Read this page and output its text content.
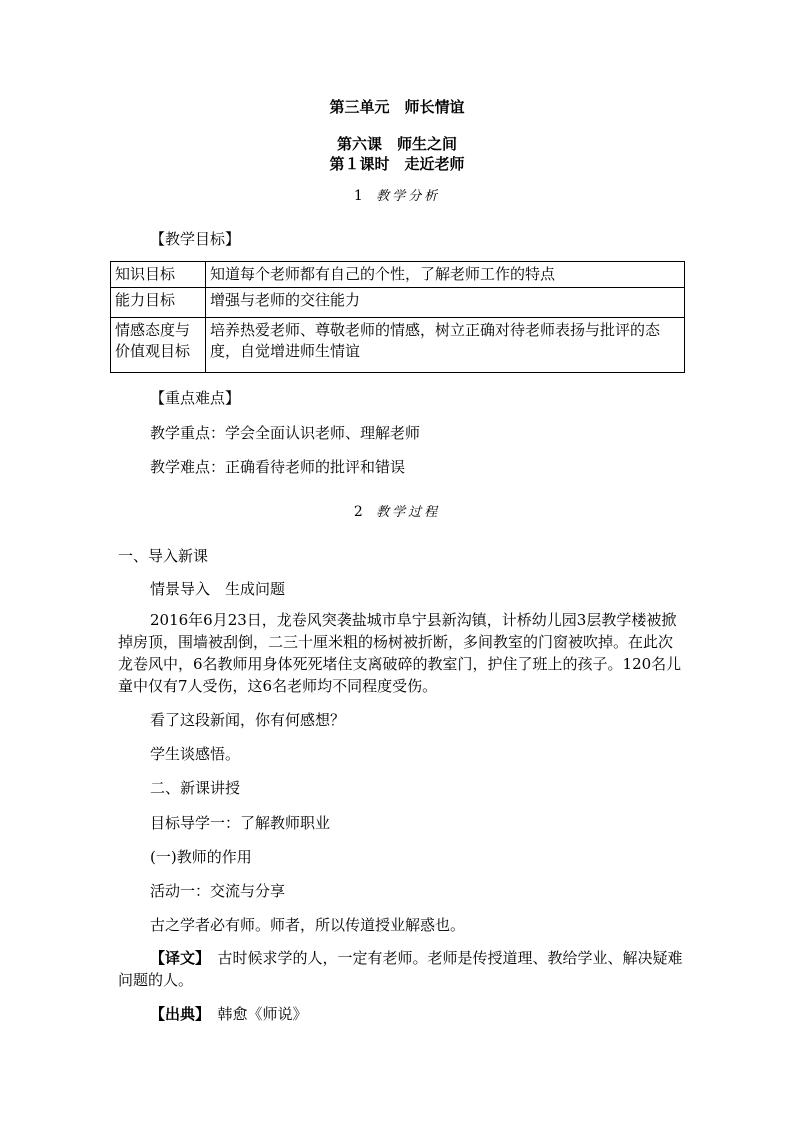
第三单元　师长情谊
第六课　师生之间
第１课时　走近老师
1 教学分析
【教学目标】
知识目标	知道每个老师都有自己的个性，了解老师工作的特点
能力目标	增强与老师的交往能力
情感态度与价值观目标	培养热爱老师、尊敬老师的情感，树立正确对待老师表扬与批评的态度，自觉增进师生情谊
【重点难点】
教学重点：学会全面认识老师、理解老师
教学难点：正确看待老师的批评和错误
2 教学过程
一、导入新课
情景导入　生成问题
2016年6月23日，龙卷风突袭盐城市阜宁县新沟镇，计桥幼儿园3层教学楼被掀掉房顶，围墙被刮倒，二三十厘米粗的杨树被折断，多间教室的门窗被吹掉。在此次龙卷风中，6名教师用身体死死堵住支离破碎的教室门，护住了班上的孩子。120名儿童中仅有7人受伤，这6名老师均不同程度受伤。
看了这段新闻，你有何感想？
学生谈感悟。
二、新课讲授
目标导学一：了解教师职业
(一)教师的作用
活动一：交流与分享
古之学者必有师。师者，所以传道授业解惑也。
【译文】　古时候求学的人，一定有老师。老师是传授道理、教给学业、解决疑难问题的人。
【出典】　韩愈《师说》
